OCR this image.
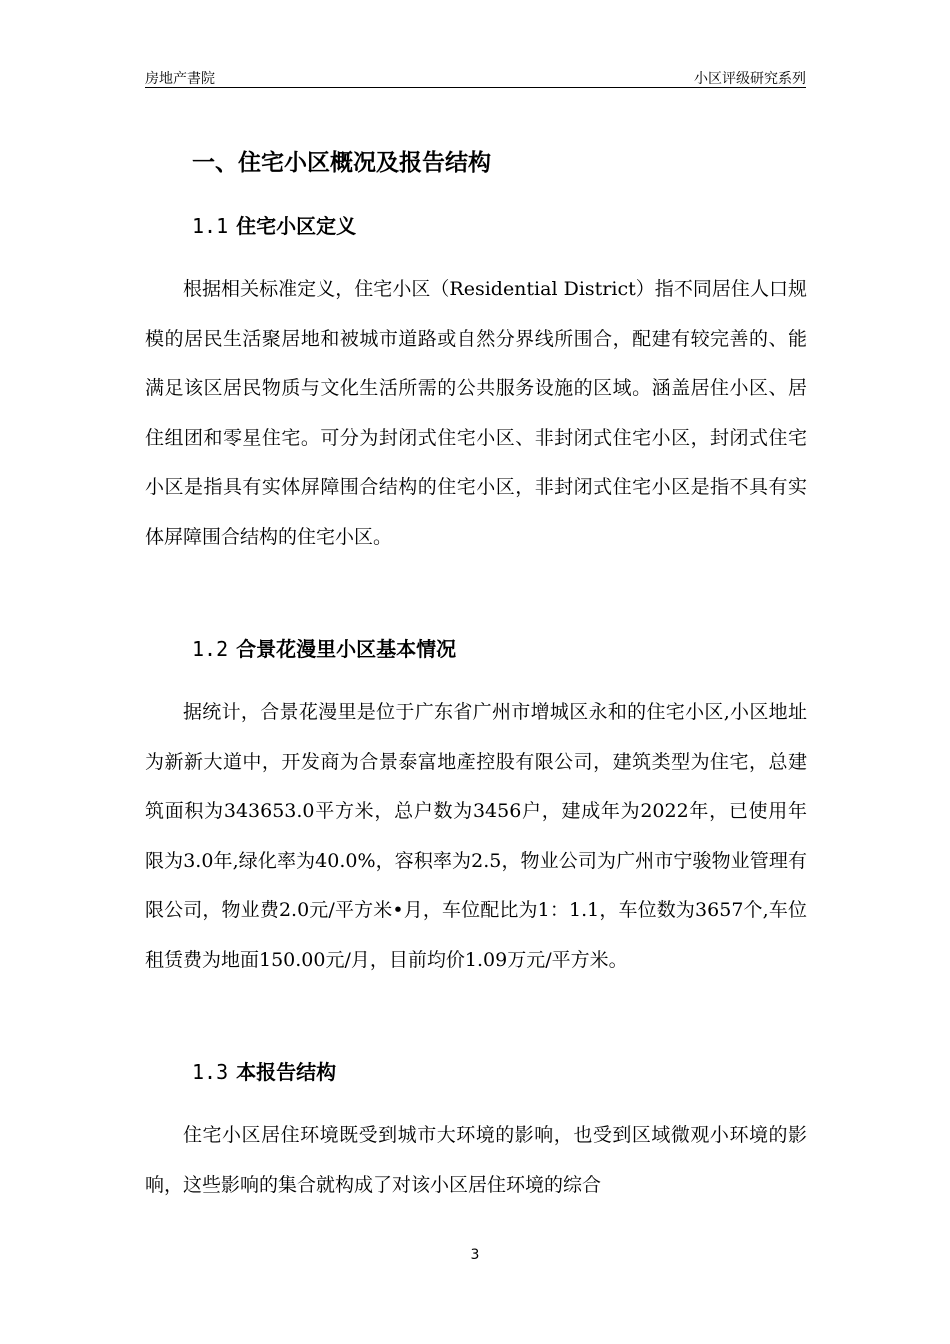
房地产書院	小区评级研究系列
一、住宅小区概况及报告结构
1.1 住宅小区定义

根据相关标准定义，住宅小区（Residential District）指不同居住人口规模的居民生活聚居地和被城市道路或自然分界线所围合，配建有较完善的、能满足该区居民物质与文化生活所需的公共服务设施的区域。涵盖居住小区、居住组团和零星住宅。可分为封闭式住宅小区、非封闭式住宅小区，封闭式住宅小区是指具有实体屏障围合结构的住宅小区，非封闭式住宅小区是指不具有实体屏障围合结构的住宅小区。

1.2 合景花漫里小区基本情况

据统计，合景花漫里是位于广东省广州市增城区永和的住宅小区,小区地址为新新大道中，开发商为合景泰富地產控股有限公司，建筑类型为住宅，总建筑面积为343653.0平方米，总户数为3456户，建成年为2022年，已使用年限为3.0年,绿化率为40.0%，容积率为2.5，物业公司为广州市宁骏物业管理有限公司，物业费2.0元/平方米•月，车位配比为1：1.1，车位数为3657个,车位租赁费为地面150.00元/月，目前均价1.09万元/平方米。

1.3 本报告结构

住宅小区居住环境既受到城市大环境的影响，也受到区域微观小环境的影响，这些影响的集合就构成了对该小区居住环境的综合

3
